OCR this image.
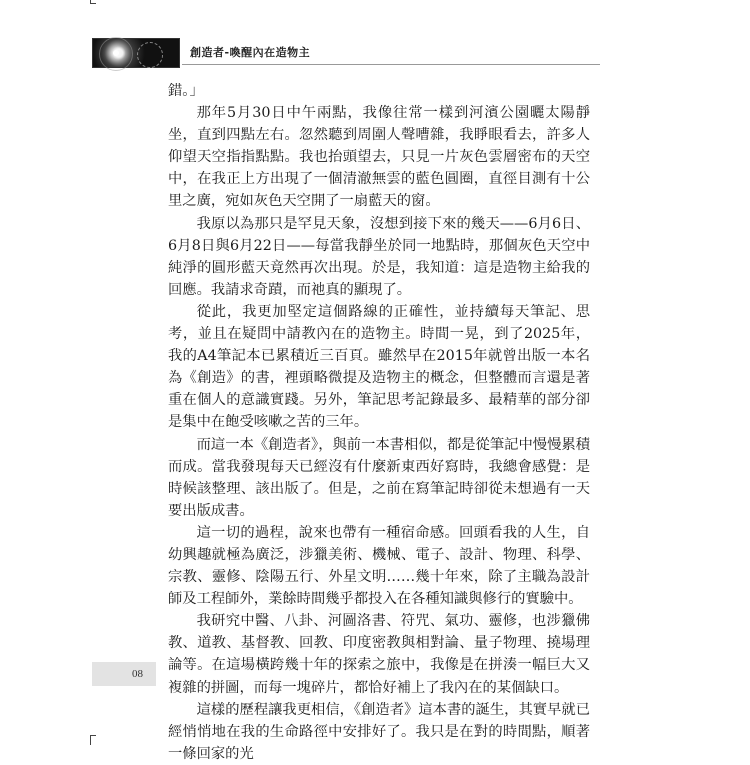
創造者-喚醒內在造物主

錯。」

那年5月30日中午兩點，我像往常一樣到河濱公園曬太陽靜坐，直到四點左右。忽然聽到周圍人聲嘈雜，我睜眼看去，許多人仰望天空指指點點。我也抬頭望去，只見一片灰色雲層密布的天空中，在我正上方出現了一個清澈無雲的藍色圓圈，直徑目測有十公里之廣，宛如灰色天空開了一扇藍天的窗。

我原以為那只是罕見天象，沒想到接下來的幾天——6月6日、6月8日與6月22日——每當我靜坐於同一地點時，那個灰色天空中純淨的圓形藍天竟然再次出現。於是，我知道：這是造物主給我的回應。我請求奇蹟，而祂真的顯現了。

從此，我更加堅定這個路線的正確性，並持續每天筆記、思考，並且在疑問中請教內在的造物主。時間一晃，到了2025年，我的A4筆記本已累積近三百頁。雖然早在2015年就曾出版一本名為《創造》的書，裡頭略微提及造物主的概念，但整體而言還是著重在個人的意識實踐。另外，筆記思考記錄最多、最精華的部分卻是集中在飽受咳嗽之苦的三年。

而這一本《創造者》，與前一本書相似，都是從筆記中慢慢累積而成。當我發現每天已經沒有什麼新東西好寫時，我總會感覺：是時候該整理、該出版了。但是，之前在寫筆記時卻從未想過有一天要出版成書。

這一切的過程，說來也帶有一種宿命感。回頭看我的人生，自幼興趣就極為廣泛，涉獵美術、機械、電子、設計、物理、科學、宗教、靈修、陰陽五行、外星文明……幾十年來，除了主職為設計師及工程師外，業餘時間幾乎都投入在各種知識與修行的實驗中。

我研究中醫、八卦、河圖洛書、符咒、氣功、靈修，也涉獵佛教、道教、基督教、回教、印度密教與相對論、量子物理、撓場理論等。在這場橫跨幾十年的探索之旅中，我像是在拼湊一幅巨大又複雜的拼圖，而每一塊碎片，都恰好補上了我內在的某個缺口。

這樣的歷程讓我更相信，《創造者》這本書的誕生，其實早就已經悄悄地在我的生命路徑中安排好了。我只是在對的時間點，順著一條回家的光

08
